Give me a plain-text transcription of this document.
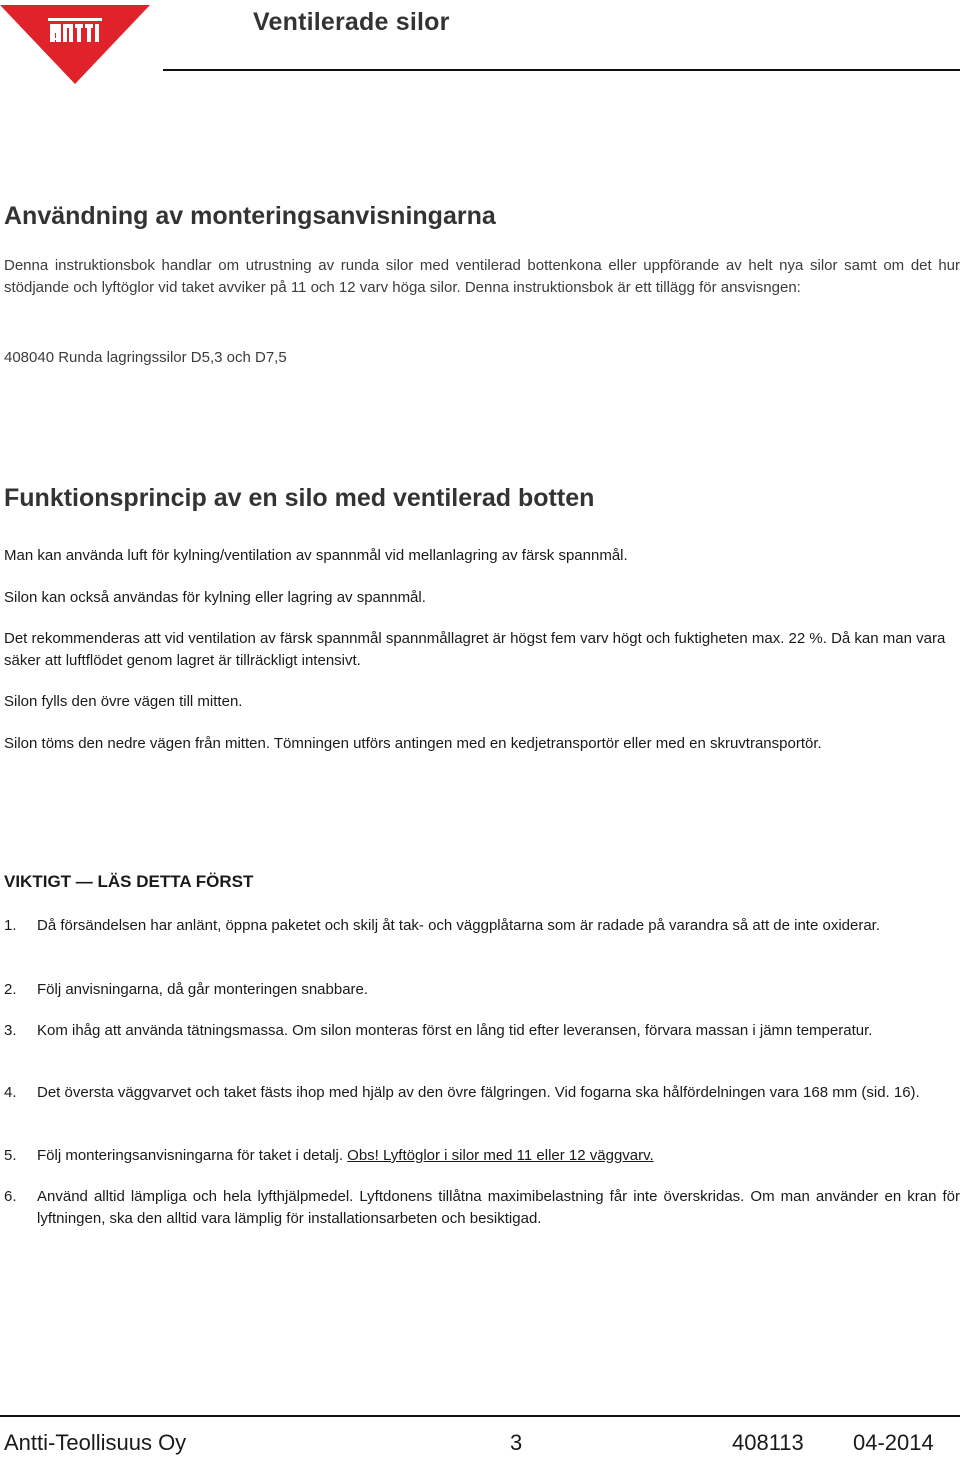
Ventilerade silor
Användning av monteringsanvisningarna

Denna instruktionsbok handlar om utrustning av runda silor med ventilerad bottenkona eller uppförande av helt nya silor samt om det hur stödjande och lyftöglor vid taket avviker på 11 och 12 varv höga silor. Denna instruktionsbok är ett tillägg för ansvisngen:

408040 Runda lagringssilor D5,3 och D7,5

Funktionsprincip av en silo med ventilerad botten

Man kan använda luft för kylning/ventilation av spannmål vid mellanlagring av färsk spannmål.

Silon kan också användas för kylning eller lagring av spannmål.

Det rekommenderas att vid ventilation av färsk spannmål spannmållagret är högst fem varv högt och fuktigheten max. 22 %. Då kan man vara säker att luftflödet genom lagret är tillräckligt intensivt.

Silon fylls den övre vägen till mitten.

Silon töms den nedre vägen från mitten. Tömningen utförs antingen med en kedjetransportör eller med en skruvtransportör.

VIKTIGT — LÄS DETTA FÖRST
1.	Då försändelsen har anlänt, öppna paketet och skilj åt tak- och väggplåtarna som är radade på varandra så att de inte oxiderar.
2.	Följ anvisningarna, då går monteringen snabbare.
3.	Kom ihåg att använda tätningsmassa. Om silon monteras först en lång tid efter leveransen, förvara massan i jämn temperatur.
4.	Det översta väggvarvet och taket fästs ihop med hjälp av den övre fälgringen. Vid fogarna ska hålfördelningen vara 168 mm (sid. 16).
5.	Följ monteringsanvisningarna för taket i detalj. Obs! Lyftöglor i silor med 11 eller 12 väggvarv.
6.	Använd alltid lämpliga och hela lyfthjälpmedel. Lyftdonens tillåtna maximibelastning får inte överskridas. Om man använder en kran för lyftningen, ska den alltid vara lämplig för installationsarbeten och besiktigad.
Antti-Teollisuus Oy	3	408113 04-2014
